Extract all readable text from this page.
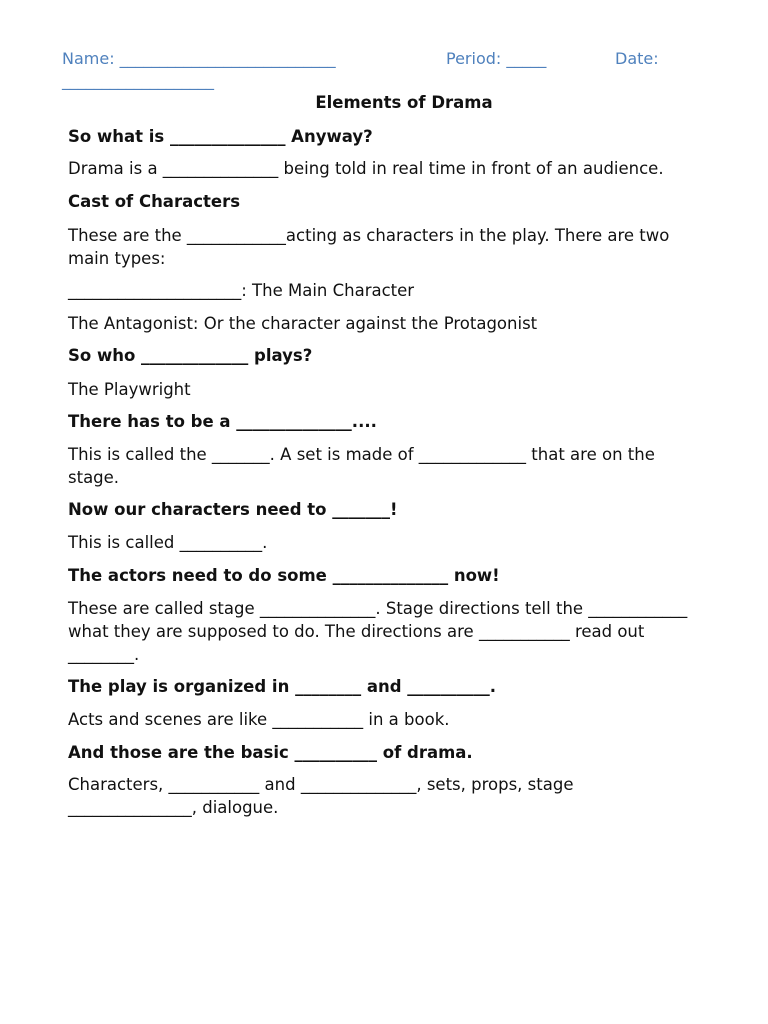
Name: ___________________________	Period: _____	Date:
___________________
Elements of Drama
So what is ______________ Anyway?
Drama is a ______________ being told in real time in front of an audience.
Cast of Characters
These are the ____________acting as characters in the play. There are two
main types:
_____________________: The Main Character
The Antagonist: Or the character against the Protagonist
So who _____________ plays?
The Playwright
There has to be a ______________....
This is called the _______. A set is made of _____________ that are on the
stage.
Now our characters need to _______!
This is called __________.
The actors need to do some ______________ now!
These are called stage ______________. Stage directions tell the ____________
what they are supposed to do. The directions are ___________ read out
________.
The play is organized in ________ and __________.
Acts and scenes are like ___________ in a book.
And those are the basic __________ of drama.
Characters, ___________ and ______________, sets, props, stage
_______________, dialogue.
